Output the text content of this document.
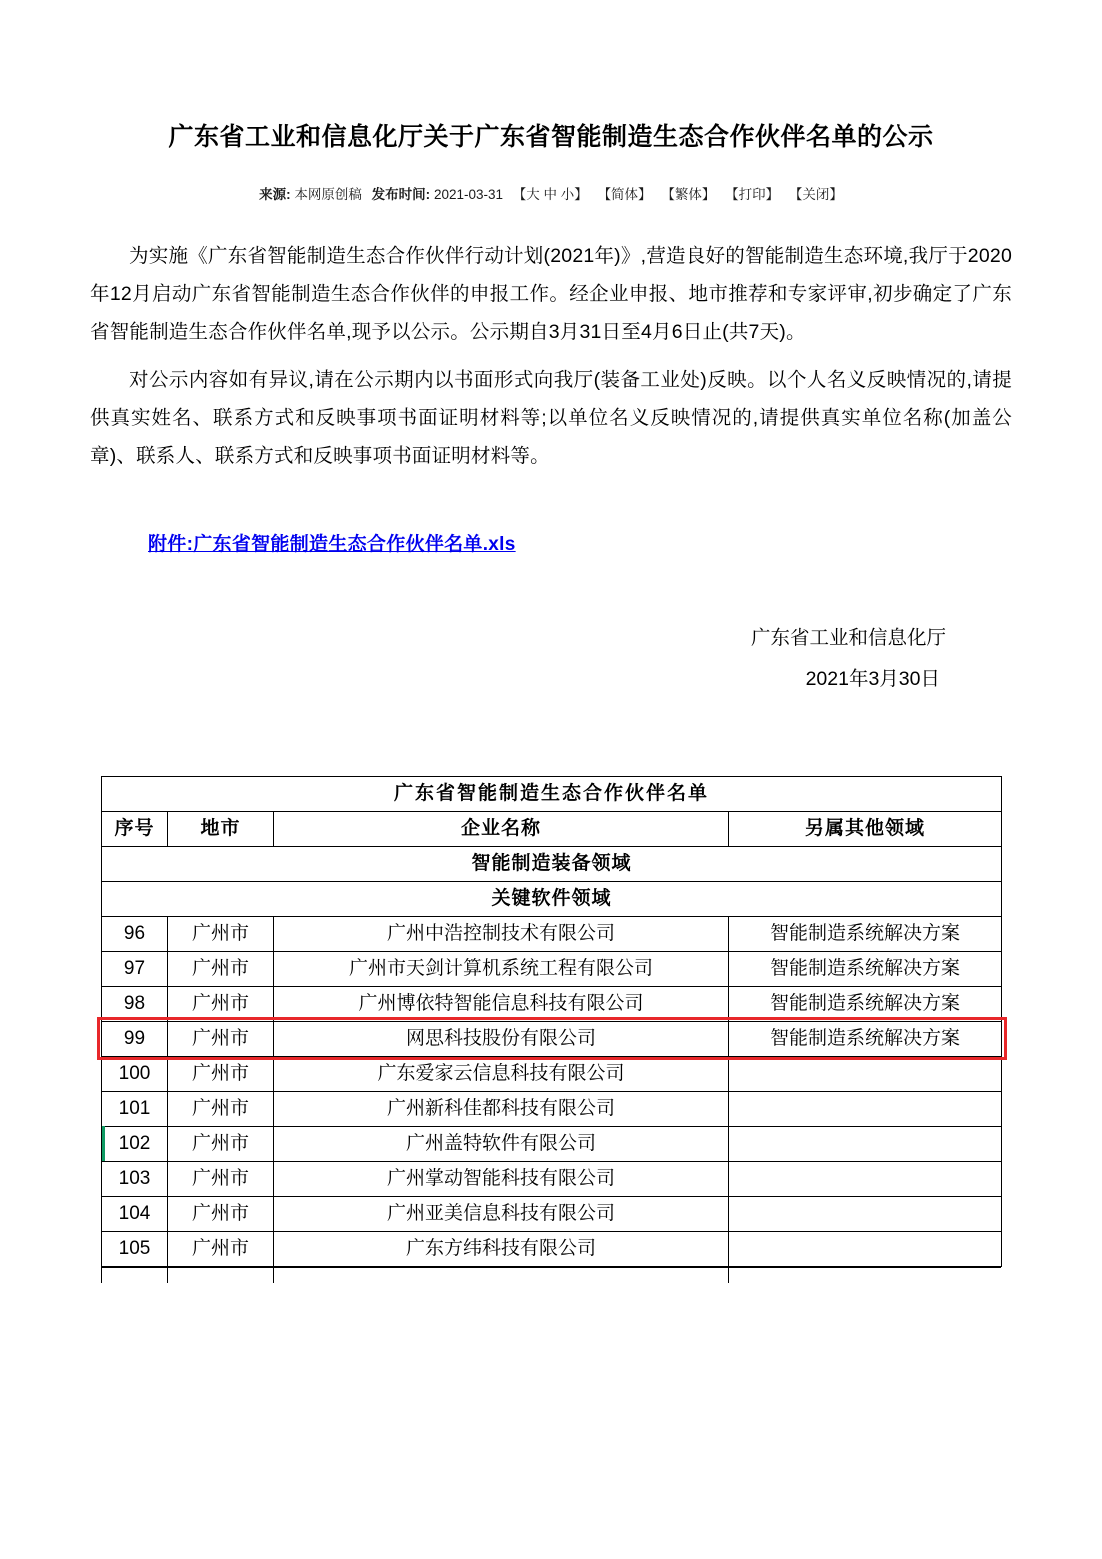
广东省工业和信息化厅关于广东省智能制造生态合作伙伴名单的公示
来源: 本网原创稿 发布时间: 2021-03-31 【大 中 小】 【简体】 【繁体】 【打印】 【关闭】

为实施《广东省智能制造生态合作伙伴行动计划(2021年)》,营造良好的智能制造生态环境,我厅于2020年12月启动广东省智能制造生态合作伙伴的申报工作。经企业申报、地市推荐和专家评审,初步确定了广东省智能制造生态合作伙伴名单,现予以公示。公示期自3月31日至4月6日止(共7天)。

对公示内容如有异议,请在公示期内以书面形式向我厅(装备工业处)反映。以个人名义反映情况的,请提供真实姓名、联系方式和反映事项书面证明材料等;以单位名义反映情况的,请提供真实单位名称(加盖公章)、联系人、联系方式和反映事项书面证明材料等。

附件:广东省智能制造生态合作伙伴名单.xls
广东省工业和信息化厅
2021年3月30日
广东省智能制造生态合作伙伴名单			
序号	地市	企业名称	另属其他领域
智能制造装备领域			
关键软件领域			
96	广州市	广州中浩控制技术有限公司	智能制造系统解决方案
97	广州市	广州市天剑计算机系统工程有限公司	智能制造系统解决方案
98	广州市	广州博依特智能信息科技有限公司	智能制造系统解决方案
99	广州市	网思科技股份有限公司	智能制造系统解决方案
100	广州市	广东爱家云信息科技有限公司	
101	广州市	广州新科佳都科技有限公司	
102	广州市	广州盖特软件有限公司	
103	广州市	广州掌动智能科技有限公司	
104	广州市	广州亚美信息科技有限公司	
105	广州市	广东方纬科技有限公司	
